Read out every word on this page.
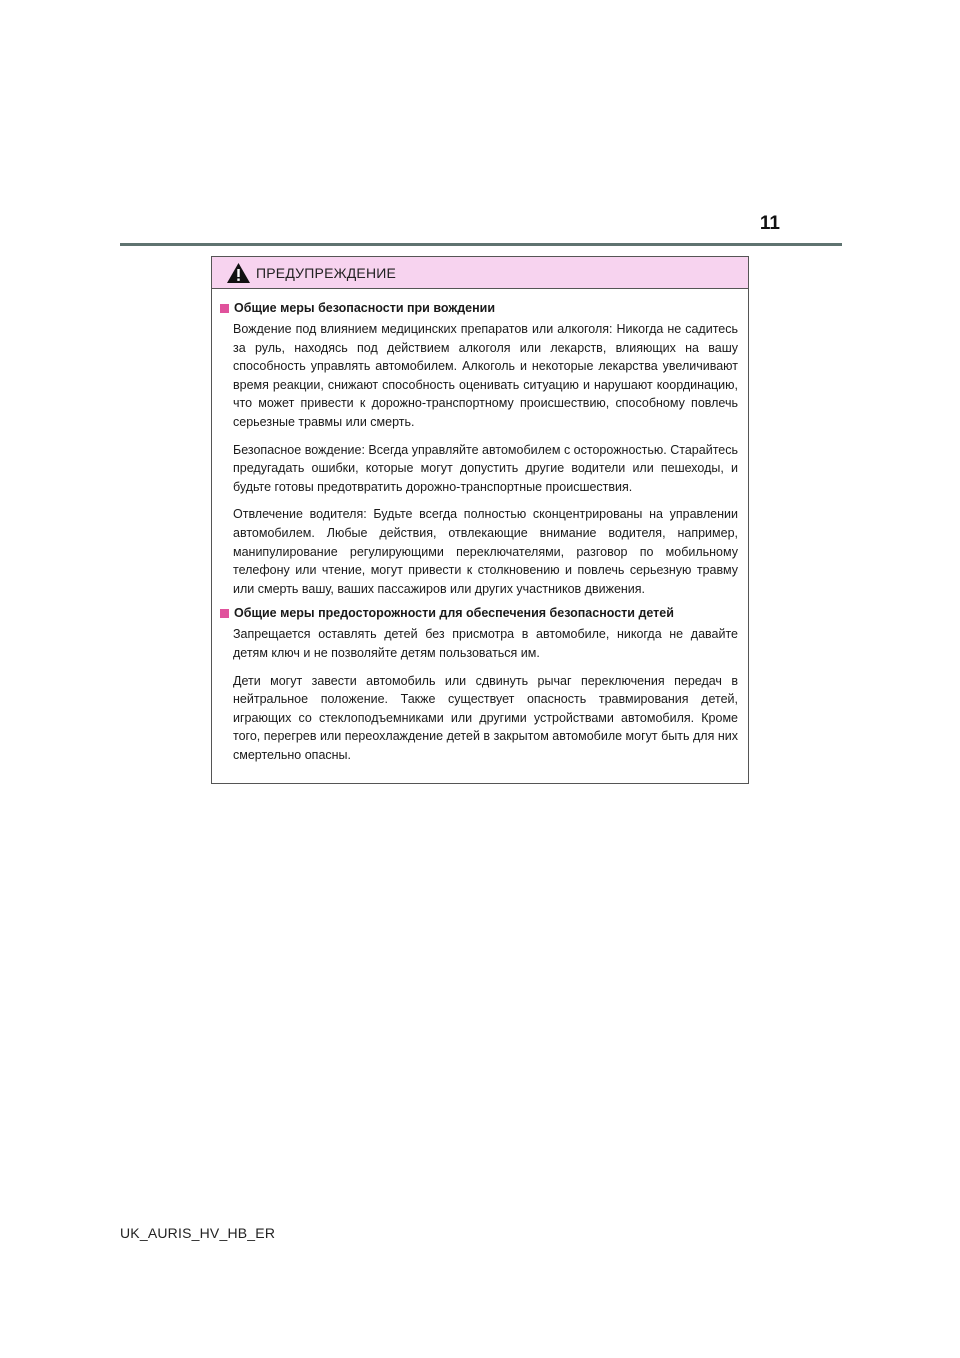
11
ПРЕДУПРЕЖДЕНИЕ
Общие меры безопасности при вождении

Вождение под влиянием медицинских препаратов или алкоголя: Никогда не садитесь за руль, находясь под действием алкоголя или лекарств, влияющих на вашу способность управлять автомобилем. Алкоголь и некоторые лекарства увеличивают время реакции, снижают способность оценивать ситуацию и нарушают координацию, что может привести к дорожно-транспортному происшествию, способному повлечь серьезные травмы или смерть.

Безопасное вождение: Всегда управляйте автомобилем с осторожностью. Старайтесь предугадать ошибки, которые могут допустить другие водители или пешеходы, и будьте готовы предотвратить дорожно-транспортные происшествия.

Отвлечение водителя: Будьте всегда полностью сконцентрированы на управлении автомобилем. Любые действия, отвлекающие внимание водителя, например, манипулирование регулирующими переключателями, разговор по мобильному телефону или чтение, могут привести к столкновению и повлечь серьезную травму или смерть вашу, ваших пассажиров или других участников движения.

Общие меры предосторожности для обеспечения безопасности детей

Запрещается оставлять детей без присмотра в автомобиле, никогда не давайте детям ключ и не позволяйте детям пользоваться им.

Дети могут завести автомобиль или сдвинуть рычаг переключения передач в нейтральное положение. Также существует опасность травмирования детей, играющих со стеклоподъемниками или другими устройствами автомобиля. Кроме того, перегрев или переохлаждение детей в закрытом автомобиле могут быть для них смертельно опасны.

UK_AURIS_HV_HB_ER
